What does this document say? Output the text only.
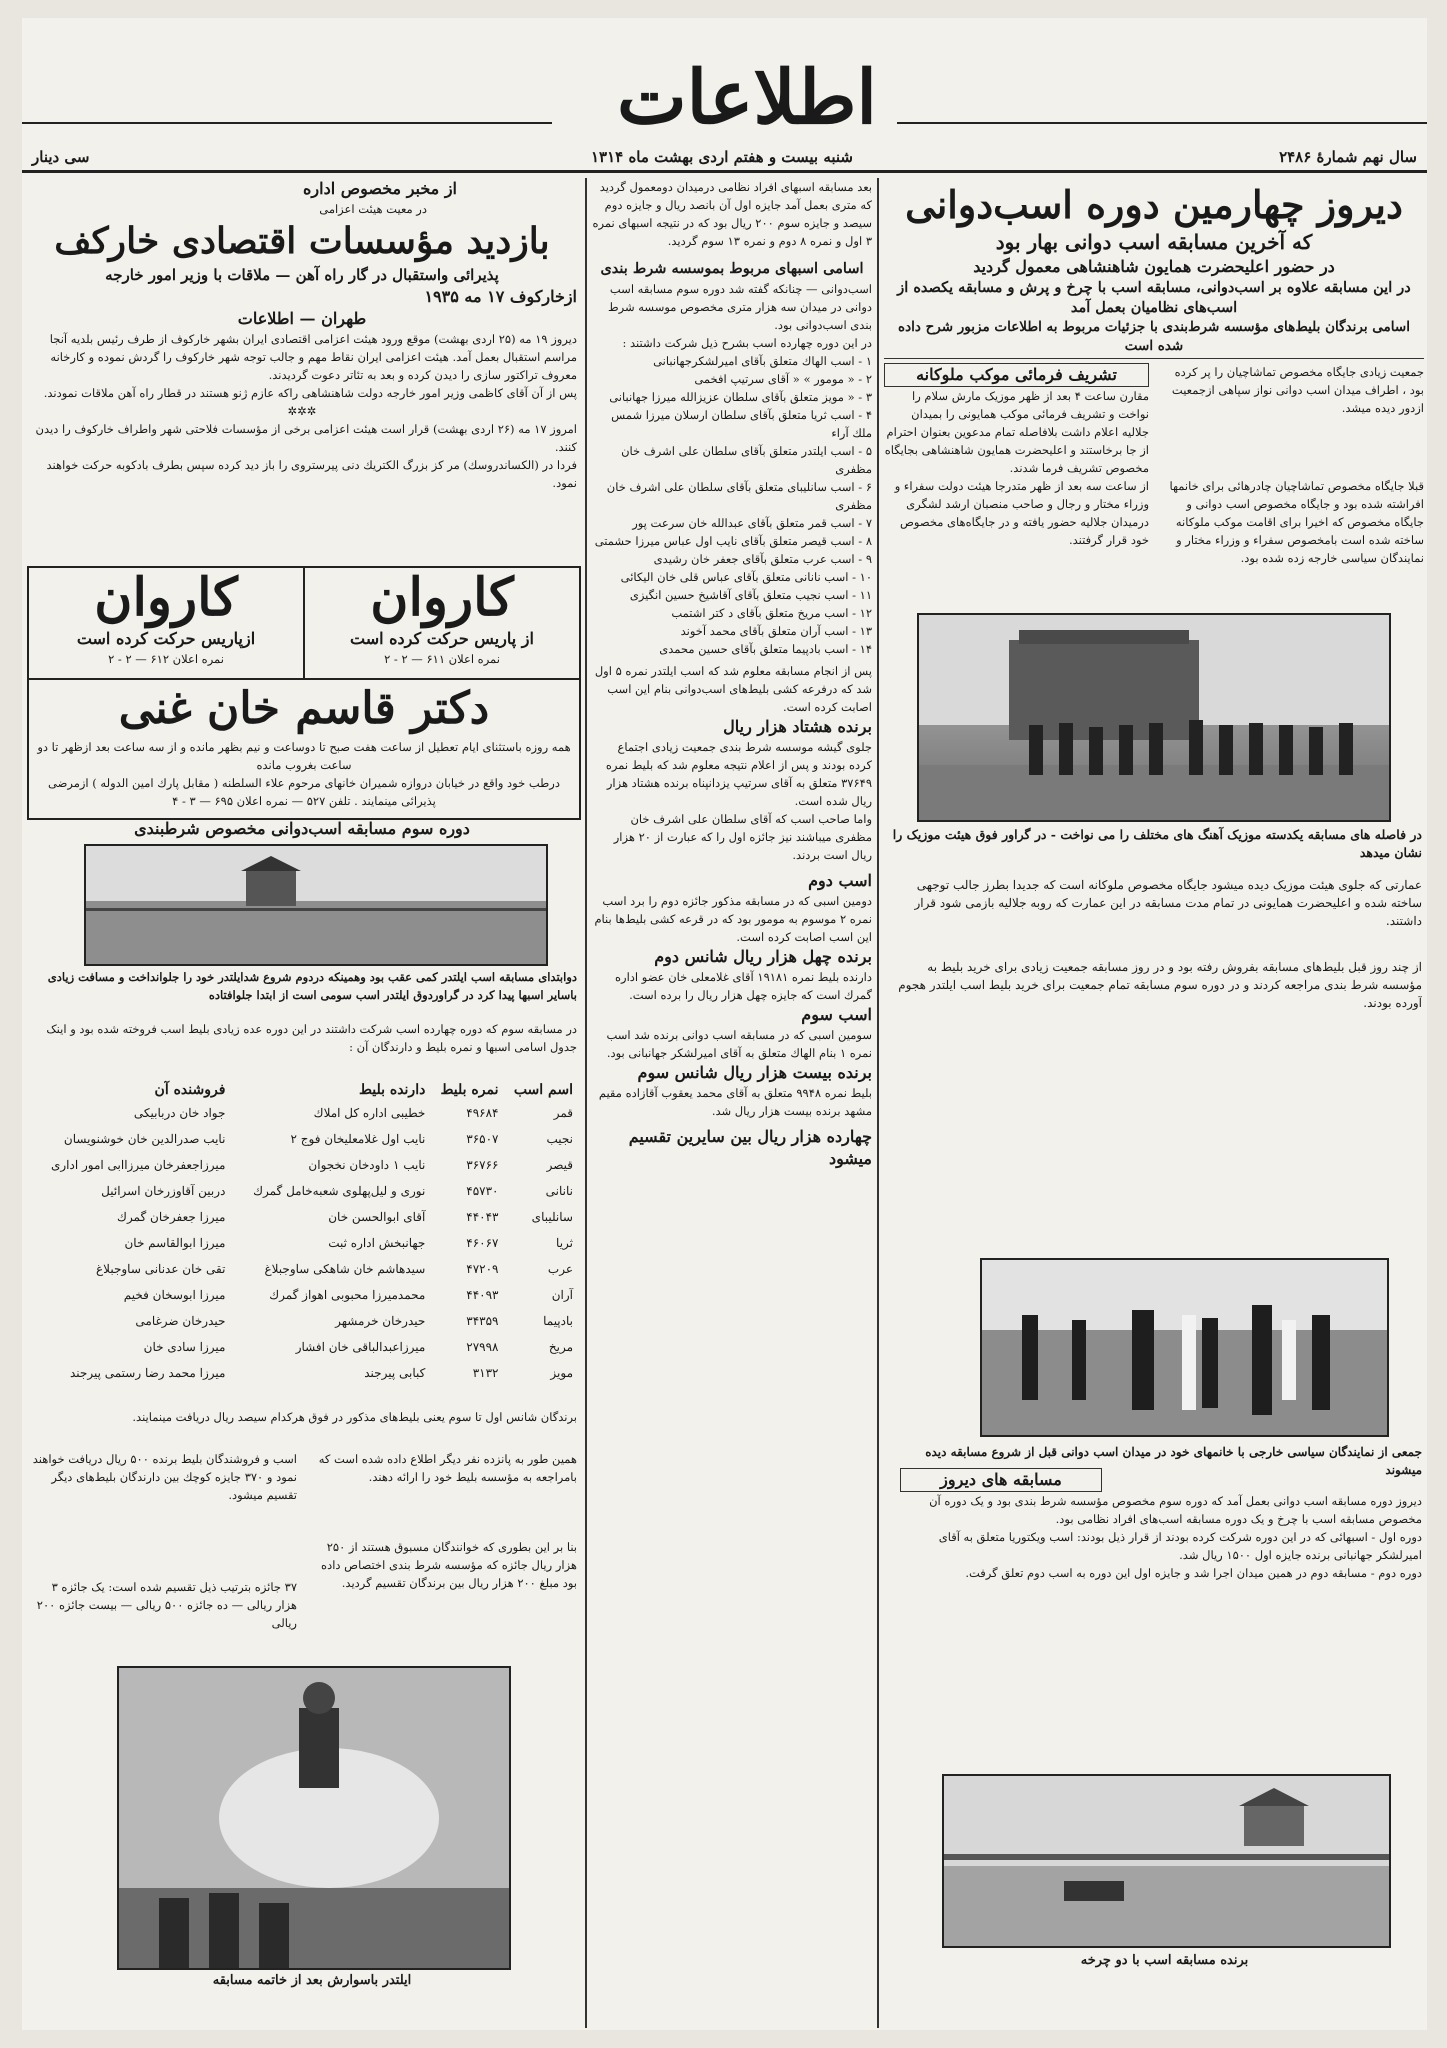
اطلاعات
سال نهم شمارهٔ ۲۴۸۶
شنبه بیست و هفتم اردی بهشت ماه ۱۳۱۴
سی دینار
دیروز چهارمین دوره اسب‌دوانی
که آخرین مسابقه اسب دوانی بهار بود
در حضور اعلیحضرت همایون شاهنشاهی معمول گردید
در این مسابقه علاوه بر اسب‌دوانی، مسابقه اسب با چرخ و پرش و مسابقه یکصده از اسب‌های نظامیان بعمل آمد
اسامی برندگان بلیط‌های مؤسسه شرط‌بندی با جزئیات مربوط به اطلاعات مزبور شرح داده شده است
جمعیت زیادی جایگاه مخصوص تماشاچیان را پر کرده بود ، اطراف میدان اسب دوانی نواز سپاهی ازجمعیت ازدور دیده میشد.
تشریف فرمائی موکب ملوکانه
مقارن ساعت ۴ بعد از ظهر موزیک مارش سلام را نواخت و تشریف فرمائی موکب همایونی را بمیدان جلالیه اعلام داشت بلافاصله تمام مدعوین بعنوان احترام از جا برخاستند و اعلیحضرت همایون شاهنشاهی بجایگاه مخصوص تشریف فرما شدند.
قبلا جایگاه مخصوص تماشاچیان چادرهائی برای خانمها افراشته شده بود و جایگاه مخصوص اسب دوانی و جایگاه مخصوص که اخیرا برای اقامت موکب ملوکانه ساخته شده است بامخصوص سفراء و وزراء مختار و نمایندگان سیاسی خارجه زده شده بود.
از ساعت سه بعد از ظهر متدرجا هیئت دولت سفراء و وزراء مختار و رجال و صاحب منصبان ارشد لشگری درمیدان جلالیه حضور یافته و در جایگاه‌های مخصوص خود قرار گرفتند.
در فاصله های مسابقه یکدسته موزیک آهنگ های مختلف را می نواخت - در گراور فوق هیئت موزیک را نشان میدهد
عمارتی که جلوی هیئت موزیک دیده میشود جایگاه مخصوص ملوکانه است که جدیدا بطرز جالب توجهی ساخته شده و اعلیحضرت همایونی در تمام مدت مسابقه در این عمارت که روبه جلالیه بازمی شود قرار داشتند.
از چند روز قبل بلیط‌های مسابقه بفروش رفته بود و در روز مسابقه جمعیت زیادی برای خرید بلیط به مؤسسه شرط بندی مراجعه کردند و در دوره سوم مسابقه تمام جمعیت برای خرید بلیط اسب ایلتدر هجوم آورده بودند.
جمعی از نمایندگان سیاسی خارجی با خانمهای خود در میدان اسب دوانی قبل از شروع مسابقه دیده میشوند
مسابقه های دیروز
دیروز دوره مسابقه اسب دوانی بعمل آمد که دوره سوم مخصوص مؤسسه شرط بندی بود و یک دوره آن مخصوص مسابقه اسب با چرخ و یک دوره مسابقه اسب‌های افراد نظامی بود.
دوره اول - اسبهائی که در این دوره شرکت کرده بودند از قرار ذیل بودند: اسب ویکتوریا متعلق به آقای امیرلشکر جهانبانی برنده جایزه اول ۱۵۰۰ ریال شد.
دوره دوم - مسابقه دوم در همین میدان اجرا شد و جایزه اول این دوره به اسب دوم تعلق گرفت.
برنده مسابقه اسب با دو چرخه
بعد مسابقه اسبهای افراد نظامی درمیدان دومعمول گردید که متری بعمل آمد جایزه اول آن بانصد ریال و جایزه دوم سیصد و جایزه سوم ۲۰۰ ریال بود که در نتیجه اسبهای نمره ۳ اول و نمره ۸ دوم و نمره ۱۳ سوم گردید.
اسامی اسبهای مربوط بموسسه شرط بندی
اسب‌دوانی — چنانکه گفته شد دوره سوم مسابقه اسب دوانی در میدان سه هزار متری مخصوص موسسه شرط بندی اسب‌دوانی بود.
در این دوره چهارده اسب بشرح ذیل شرکت داشتند :
۱ - اسب الهاك متعلق بآقای امیرلشکرجهانبانی
۲ - « مومور » « آقای سرتیپ افخمی
۳ - « مویز متعلق بآقای سلطان عزیزالله میرزا جهانبانی
۴ - اسب ثریا متعلق بآقای سلطان ارسلان میرزا شمس ملك آراء
۵ - اسب ایلتدر متعلق بآقای سلطان علی اشرف خان مظفری
۶ - اسب سانلیبای متعلق بآقای سلطان علی اشرف خان مظفری
۷ - اسب قمر متعلق بآقای عبدالله خان سرعت پور
۸ - اسب قیصر متعلق بآقای نایب اول عباس میرزا حشمتی
۹ - اسب عرب متعلق بآقای جعفر خان رشیدی
۱۰ - اسب نانانی متعلق بآقای عباس قلی خان الیکائی
۱۱ - اسب نجیب متعلق بآقای آقاشیخ حسین انگیزی
۱۲ - اسب مریخ متعلق بآقای د کتر اشتمب
۱۳ - اسب آران متعلق بآقای محمد آخوند
۱۴ - اسب بادپیما متعلق بآقای حسین محمدی
پس از انجام مسابقه معلوم شد که اسب ایلتدر نمره ۵ اول شد که درفرعه کشی بلیط‌های اسب‌دوانی بنام این اسب اصابت کرده است.
برنده هشتاد هزار ریال
جلوی گیشه موسسه شرط بندی جمعیت زیادی اجتماع کرده بودند و پس از اعلام نتیجه معلوم شد که بلیط نمره ۳۷۶۴۹ متعلق به آقای سرتیپ یزدانپناه برنده هشتاد هزار ریال شده است.
واما صاحب اسب که آقای سلطان علی اشرف خان مظفری میباشند نیز جائزه اول را که عبارت از ۲۰ هزار ریال است بردند.
اسب دوم
دومین اسبی که در مسابقه مذکور جائزه دوم را برد اسب نمره ۲ موسوم به مومور بود که در قرعه کشی بلیط‌ها بنام این اسب اصابت کرده است.
برنده چهل هزار ریال شانس دوم
دارنده بلیط نمره ۱۹۱۸۱ آقای غلامعلی خان عضو اداره گمرك است که جایزه چهل هزار ریال را برده است.
اسب سوم
سومین اسبی که در مسابقه اسب دوانی برنده شد اسب نمره ۱ بنام الهاك متعلق به آقای امیرلشکر جهانبانی بود.
برنده بیست هزار ریال شانس سوم
بلیط نمره ۹۹۴۸ متعلق به آقای محمد یعقوب آقازاده مقیم مشهد برنده بیست هزار ریال شد.
چهارده هزار ریال بین سایرین تقسیم میشود
از مخبر مخصوص اداره
در معیت هیئت اعزامی
بازدید مؤسسات اقتصادی خارکف
پذیرائی واستقبال در گار راه آهن — ملاقات با وزیر امور خارجه
ازخارکوف ۱۷ مه ۱۹۳۵
طهران — اطلاعات
دیروز ۱۹ مه (۲۵ اردی بهشت) موقع ورود هیئت اعزامی اقتصادی ایران بشهر خارکوف از طرف رئیس بلدیه آنجا مراسم استقبال بعمل آمد. هیئت اعزامی ایران نقاط مهم و جالب توجه شهر خارکوف را گردش نموده و کارخانه معروف تراکتور سازی را دیدن کرده و بعد به تئاتر دعوت گردیدند.
پس از آن آقای کاظمی وزیر امور خارجه دولت شاهنشاهی راکه عازم ژنو هستند در قطار راه آهن ملاقات نمودند.
✲✲✲
امروز ۱۷ مه (۲۶ اردی بهشت) قرار است هیئت اعزامی برخی از مؤسسات فلاحتی شهر واطراف خارکوف را دیدن کنند.
فردا در (الکساندروسك) مر کز بزرگ الکتریك دنی پیرستروی را باز دید کرده سپس بطرف بادکوبه حرکت خواهند نمود.
کاروان
از پاریس حرکت کرده است
نمره اعلان ۶۱۱ — ۲ - ۲
کاروان
ازپاریس حرکت کرده است
نمره اعلان ۶۱۲ — ۲ - ۲
دکتر قاسم خان غنی
همه روزه باستثنای ایام تعطیل از ساعت هفت صبح تا دوساعت و نیم بظهر مانده و از سه ساعت بعد ازظهر تا دو ساعت بغروب مانده
درطب خود واقع در خیابان دروازه شمیران خانهای مرحوم علاء السلطنه ( مقابل پارك امین الدوله ) ازمرضی پذیرائی مینمایند . تلفن ۵۲۷ — نمره اعلان ۶۹۵ — ۳ - ۴
دوره سوم مسابقه اسب‌دوانی مخصوص شرطبندی
دوابتدای مسابقه اسب ایلتدر کمی عقب بود وهمینکه دردوم شروع شدایلتدر خود را جلوانداخت و مسافت زیادی باسایر اسبها پیدا کرد در گراوردوق ایلتدر اسب سومی است از ابتدا جلوافتاده
در مسابقه سوم که دوره چهارده اسب شرکت داشتند در این دوره عده زیادی بلیط اسب فروخته شده بود و اینک جدول اسامی اسبها و نمره بلیط و دارندگان آن :
اسم اسب	نمره بلیط	دارنده بلیط	فروشنده آن
قمر	۴۹۶۸۴	خطیبی اداره کل املاك	جواد خان دربابیکی
نجیب	۳۶۵۰۷	نایب اول غلامعلیخان فوج ۲	نایب صدرالدین خان خوشنویسان
قیصر	۳۶۷۶۶	نایب ۱ داودخان نخجوان	میرزاجعفرخان میرزاابی امور اداری
نانانی	۴۵۷۳۰	نوری و لیل‌پهلوی شعبه‌خامل گمرك	دربین آقاوزرخان اسرائیل
سانلیبای	۴۴۰۴۳	آقای ابوالحسن خان	میرزا جعفرخان گمرك
ثریا	۴۶۰۶۷	جهانبخش اداره ثبت	میرزا ابوالقاسم خان
عرب	۴۷۲۰۹	سیدهاشم خان شاهکی ساوجبلاغ	تقی خان عدنانی ساوجبلاغ
آران	۴۴۰۹۳	محمدمیرزا محبوبی اهواز گمرك	میرزا ابوسخان فخیم
بادپیما	۳۴۳۵۹	حیدرخان خرمشهر	حیدرخان ضرغامی
مریخ	۲۷۹۹۸	میرزاعبدالباقی خان افشار	میرزا سادی خان
مویز	۳۱۳۲	کبابی پیرجند	میرزا محمد رضا رستمی پیرجند
برندگان شانس اول تا سوم یعنی بلیط‌های مذکور در فوق هرکدام سیصد ریال دریافت مینمایند.
همین طور به پانزده نفر دیگر اطلاع داده شده است که بامراجعه به مؤسسه بلیط خود را ارائه دهند.
اسب و فروشندگان بلیط برنده ۵۰۰ ریال دریافت خواهند نمود و ۳۷۰ جایزه کوچك بین دارندگان بلیط‌های دیگر تقسیم میشود.
بنا بر این بطوری که خوانندگان مسبوق هستند از ۲۵۰ هزار ریال جائزه که مؤسسه شرط بندی اختصاص داده بود مبلغ ۲۰۰ هزار ریال بین برندگان تقسیم گردید.
۳۷ جائزه بترتیب ذیل تقسیم شده است: یک جائزه ۳ هزار ریالی — ده جائزه ۵۰۰ ریالی — بیست جائزه ۲۰۰ ریالی
ایلتدر باسوارش بعد از خاتمه مسابقه
